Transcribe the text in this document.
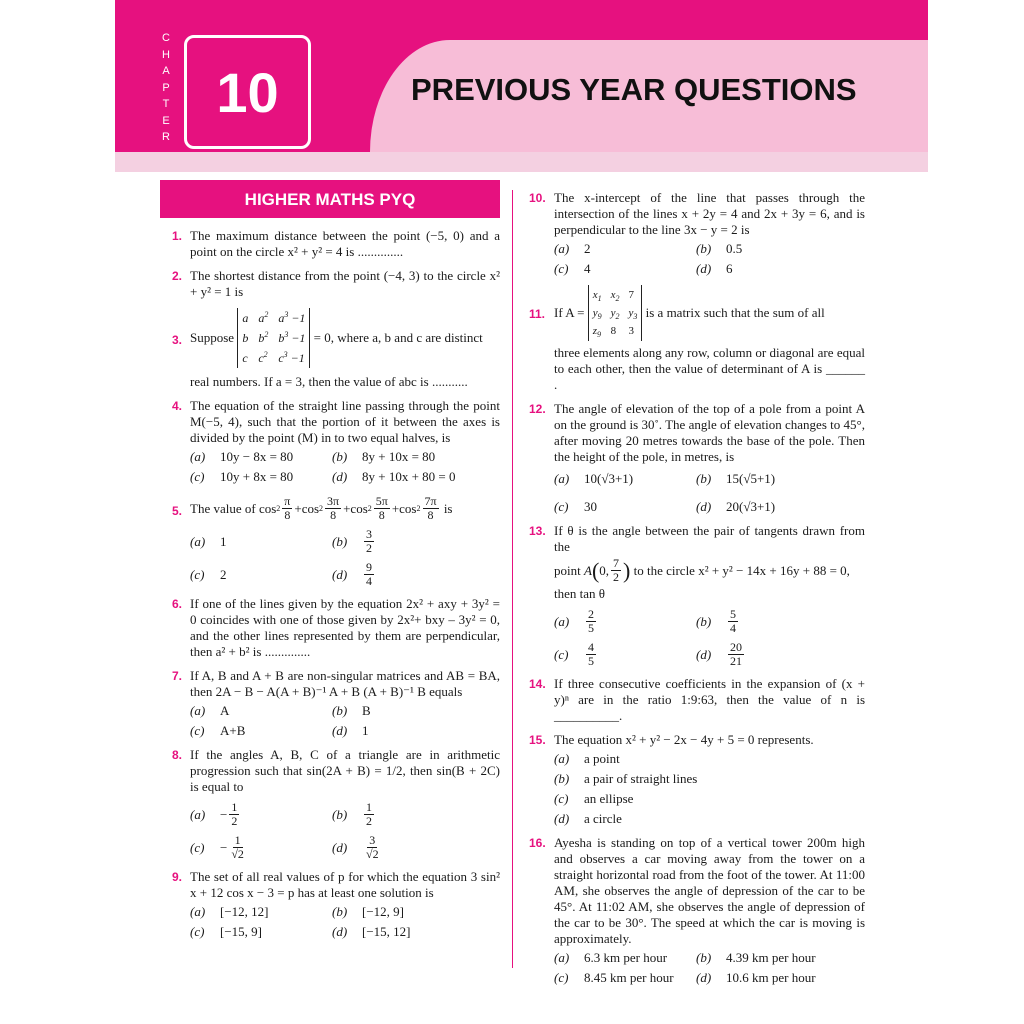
C
H
A
P
T
E
R
10	PREVIOUS YEAR QUESTIONS
HIGHER MATHS PYQ
1. The maximum distance between the point (−5, 0) and a point on the circle x² + y² = 4 is ..............
2. The shortest distance from the point (−4, 3) to the circle x² + y² = 1 is
3. Suppose

a $a^2$ $a^3 -1$
b $b^2$ $b^3 -1$
c $c^2$ $c^3 -1$
= 0 , where a, b and c are distinct
real numbers. If a = 3, then the value of abc is ...........
4. The equation of the straight line passing through the point M(−5, 4), such that the portion of it between the axes is divided by the point (M) in to two equal halves, is
(a)	10y − 8x = 80	(b)	8y + 10x = 80
(c)	10y + 8x = 80	(d)	8y + 10x + 80 = 0
5. The value of
$\cos 2 \frac{\pi}{8} +\cos$ $2 \frac{3\pi}{8} +\cos$ $2 \frac{5\pi}{8} +\cos$ $2 \frac{7\pi}{8}$
is
(a)	1	(b)	$\frac{3}{2}$
(c)	2	(d)	$\frac{9}{4}$
6. If one of the lines given by the equation 2x² + axy + 3y² = 0 coincides with one of those given by 2x²+ bxy – 3y² = 0, and the other lines represented by them are perpendicular, then a² + b² is ..............
7. If A, B and A + B are non-singular matrices and AB = BA, then 2A − B − A(A + B)⁻¹ A + B (A + B)⁻¹ B equals
(a)	A	(b)	B
(c)	A+B	(d)	1
8. If the angles A, B, C of a triangle are in arithmetic progression such that sin(2A + B) = 1/2, then sin(B + 2C) is equal to
(a)	− $\frac{1}{2}$	(b)	$\frac{1}{2}$
(c)	− $\frac{1}{√2}$	(d)	$\frac{3}{√2}$
9. The set of all real values of p for which the equation 3 sin² x + 12 cos x − 3 = p has at least one solution is
(a)	[−12, 12]	(b)	[−12, 9]
(c)	[−15, 9]	(d)	[−15, 12]
10. The x-intercept of the line that passes through the intersection of the lines x + 2y = 4 and 2x + 3y = 6, and is perpendicular to the line 3x − y = 2 is
(a)	2	(b)	0.5
(c)	4	(d)	6
11. If A =

$x_1$ $x_2$ 7
$y_9$ $y_2$ $y_3$
$z_9$ 8	3

is a matrix such that the sum of all
three elements along any row, column or diagonal are equal to each other, then the value of determinant of A is ______ .
12. The angle of elevation of the top of a pole from a point A on the ground is 30˚. The angle of elevation changes to 45°, after moving 20 metres towards the base of the pole. Then the height of the pole, in metres, is
(a)	10(√3+1)	(b)	15(√5+1)
(c)	30	(d)	20(√3+1)
13. If θ is the angle between the pair of tangents drawn from the
point
A ( 0, $\frac{7}{2}$ )
to the circle x² + y² − 14x + 16y + 88 = 0,
then tan θ
(a)	$\frac{2}{5}$	(b)	$\frac{5}{4}$
(c)	$\frac{4}{5}$	(d)	$\frac{20}{21}$
14. If three consecutive coefficients in the expansion of (x + y)ⁿ are in the ratio 1:9:63, then the value of n is __________.
15. The equation x² + y² − 2x − 4y + 5 = 0 represents.
(a)	a point
(b)	a pair of straight lines
(c)	an ellipse
(d)	a circle
16. Ayesha is standing on top of a vertical tower 200m high and observes a car moving away from the tower on a straight horizontal road from the foot of the tower. At 11:00 AM, she observes the angle of depression of the car to be 45°. At 11:02 AM, she observes the angle of depression of the car to be 30°. The speed at which the car is moving is approximately.
(a)	6.3 km per hour (b)	4.39 km per hour
(c)	8.45 km per hour (d)	10.6 km per hour
